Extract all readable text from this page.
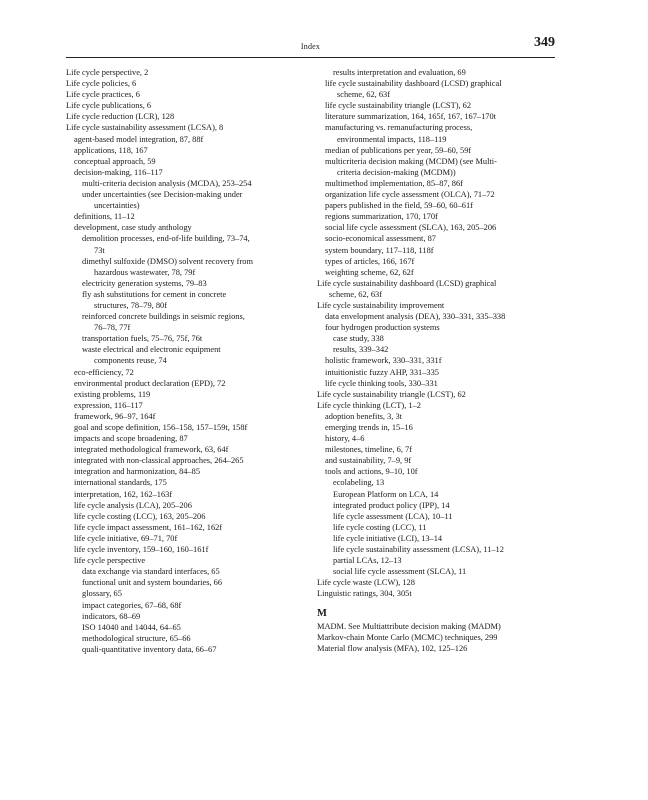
Index	349
Life cycle perspective, 2
Life cycle policies, 6
Life cycle practices, 6
Life cycle publications, 6
Life cycle reduction (LCR), 128
Life cycle sustainability assessment (LCSA), 8
agent-based model integration, 87, 88f
applications, 118, 167
conceptual approach, 59
decision-making, 116–117
multi-criteria decision analysis (MCDA), 253–254
under uncertainties (see Decision-making under
uncertainties)
definitions, 11–12
development, case study anthology
demolition processes, end-of-life building, 73–74,
73t
dimethyl sulfoxide (DMSO) solvent recovery from
hazardous wastewater, 78, 79f
electricity generation systems, 79–83
fly ash substitutions for cement in concrete
structures, 78–79, 80f
reinforced concrete buildings in seismic regions,
76–78, 77f
transportation fuels, 75–76, 75f, 76t
waste electrical and electronic equipment
components reuse, 74
eco-efficiency, 72
environmental product declaration (EPD), 72
existing problems, 119
expression, 116–117
framework, 96–97, 164f
goal and scope definition, 156–158, 157–159t, 158f
impacts and scope broadening, 87
integrated methodological framework, 63, 64f
integrated with non-classical approaches, 264–265
integration and harmonization, 84–85
international standards, 175
interpretation, 162, 162–163f
life cycle analysis (LCA), 205–206
life cycle costing (LCC), 163, 205–206
life cycle impact assessment, 161–162, 162f
life cycle initiative, 69–71, 70f
life cycle inventory, 159–160, 160–161f
life cycle perspective
data exchange via standard interfaces, 65
functional unit and system boundaries, 66
glossary, 65
impact categories, 67–68, 68f
indicators, 68–69
ISO 14040 and 14044, 64–65
methodological structure, 65–66
quali-quantitative inventory data, 66–67
results interpretation and evaluation, 69
life cycle sustainability dashboard (LCSD) graphical
scheme, 62, 63f
life cycle sustainability triangle (LCST), 62
literature summarization, 164, 165f, 167, 167–170t
manufacturing vs. remanufacturing process,
environmental impacts, 118–119
median of publications per year, 59–60, 59f
multicriteria decision making (MCDM) (see Multi-
criteria decision-making (MCDM))
multimethod implementation, 85–87, 86f
organization life cycle assessment (OLCA), 71–72
papers published in the field, 59–60, 60–61f
regions summarization, 170, 170f
social life cycle assessment (SLCA), 163, 205–206
socio-economical assessment, 87
system boundary, 117–118, 118f
types of articles, 166, 167f
weighting scheme, 62, 62f
Life cycle sustainability dashboard (LCSD) graphical
scheme, 62, 63f
Life cycle sustainability improvement
data envelopment analysis (DEA), 330–331, 335–338
four hydrogen production systems
case study, 338
results, 339–342
holistic framework, 330–331, 331f
intuitionistic fuzzy AHP, 331–335
life cycle thinking tools, 330–331
Life cycle sustainability triangle (LCST), 62
Life cycle thinking (LCT), 1–2
adoption benefits, 3, 3t
emerging trends in, 15–16
history, 4–6
milestones, timeline, 6, 7f
and sustainability, 7–9, 9f
tools and actions, 9–10, 10f
ecolabeling, 13
European Platform on LCA, 14
integrated product policy (IPP), 14
life cycle assessment (LCA), 10–11
life cycle costing (LCC), 11
life cycle initiative (LCI), 13–14
life cycle sustainability assessment (LCSA), 11–12
partial LCAs, 12–13
social life cycle assessment (SLCA), 11
Life cycle waste (LCW), 128
Linguistic ratings, 304, 305t
M
MADM. See Multiattribute decision making (MADM)
Markov-chain Monte Carlo (MCMC) techniques, 299
Material flow analysis (MFA), 102, 125–126
